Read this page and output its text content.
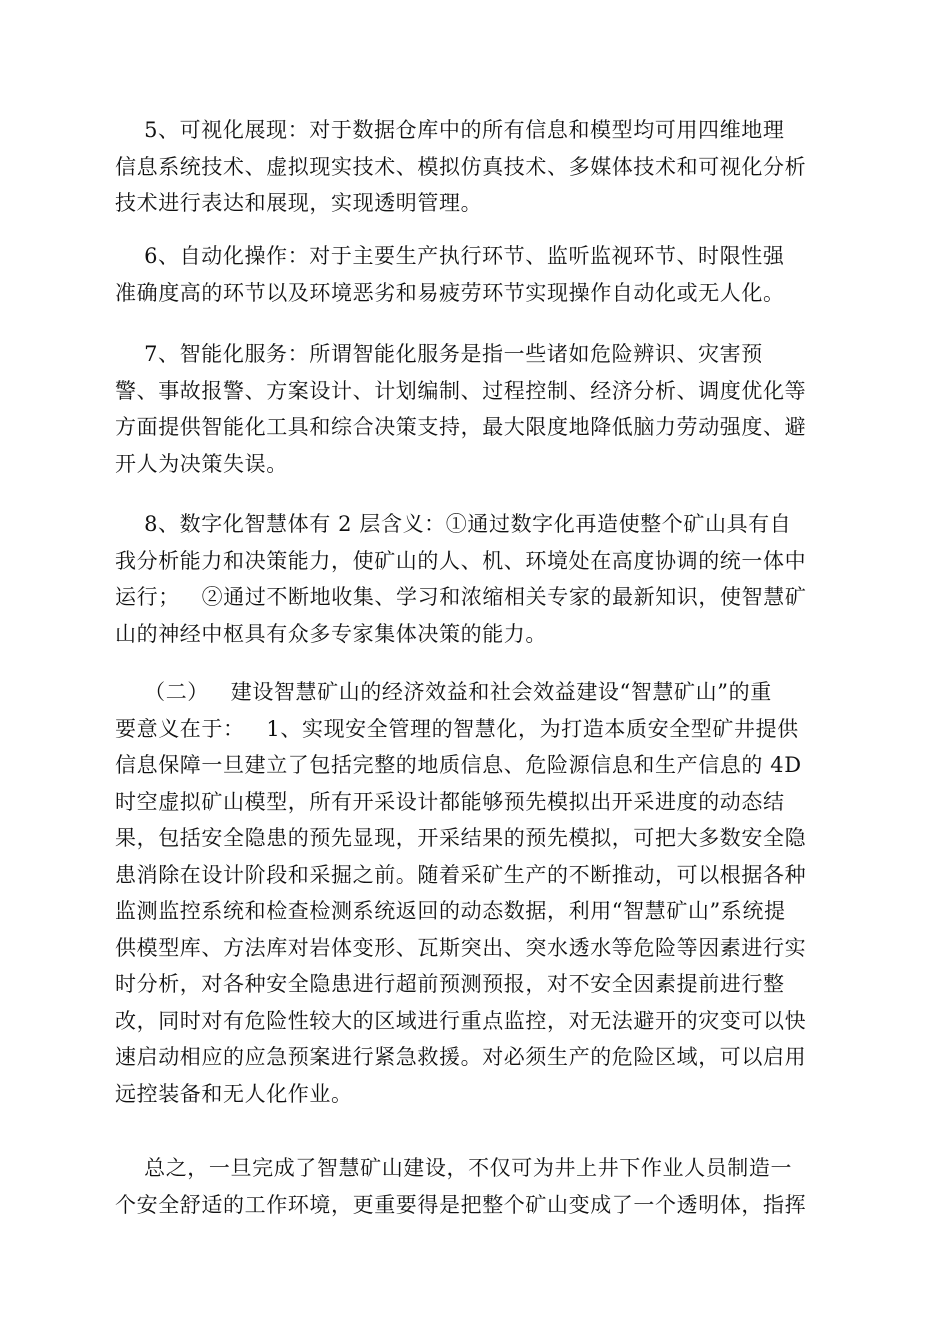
5、可视化展现：对于数据仓库中的所有信息和模型均可用四维地理
信息系统技术、虚拟现实技术、模拟仿真技术、多媒体技术和可视化分析
技术进行表达和展现，实现透明管理。

6、自动化操作：对于主要生产执行环节、监听监视环节、时限性强
准确度高的环节以及环境恶劣和易疲劳环节实现操作自动化或无人化。

7、智能化服务：所谓智能化服务是指一些诸如危险辨识、灾害预
警、事故报警、方案设计、计划编制、过程控制、经济分析、调度优化等
方面提供智能化工具和综合决策支持，最大限度地降低脑力劳动强度、避
开人为决策失误。

8、数字化智慧体有 2 层含义：①通过数字化再造使整个矿山具有自
我分析能力和决策能力，使矿山的人、机、环境处在高度协调的统一体中
运行；   ②通过不断地收集、学习和浓缩相关专家的最新知识，使智慧矿
山的神经中枢具有众多专家集体决策的能力。

（二）   建设智慧矿山的经济效益和社会效益建设“智慧矿山”的重
要意义在于：   1、实现安全管理的智慧化，为打造本质安全型矿井提供
信息保障一旦建立了包括完整的地质信息、危险源信息和生产信息的 4D
时空虚拟矿山模型，所有开采设计都能够预先模拟出开采进度的动态结
果，包括安全隐患的预先显现，开采结果的预先模拟，可把大多数安全隐
患消除在设计阶段和采掘之前。随着采矿生产的不断推动，可以根据各种
监测监控系统和检查检测系统返回的动态数据，利用“智慧矿山”系统提
供模型库、方法库对岩体变形、瓦斯突出、突水透水等危险等因素进行实
时分析，对各种安全隐患进行超前预测预报，对不安全因素提前进行整
改，同时对有危险性较大的区域进行重点监控，对无法避开的灾变可以快
速启动相应的应急预案进行紧急救援。对必须生产的危险区域，可以启用
远控装备和无人化作业。

总之，一旦完成了智慧矿山建设，不仅可为井上井下作业人员制造一
个安全舒适的工作环境，更重要得是把整个矿山变成了一个透明体，指挥
